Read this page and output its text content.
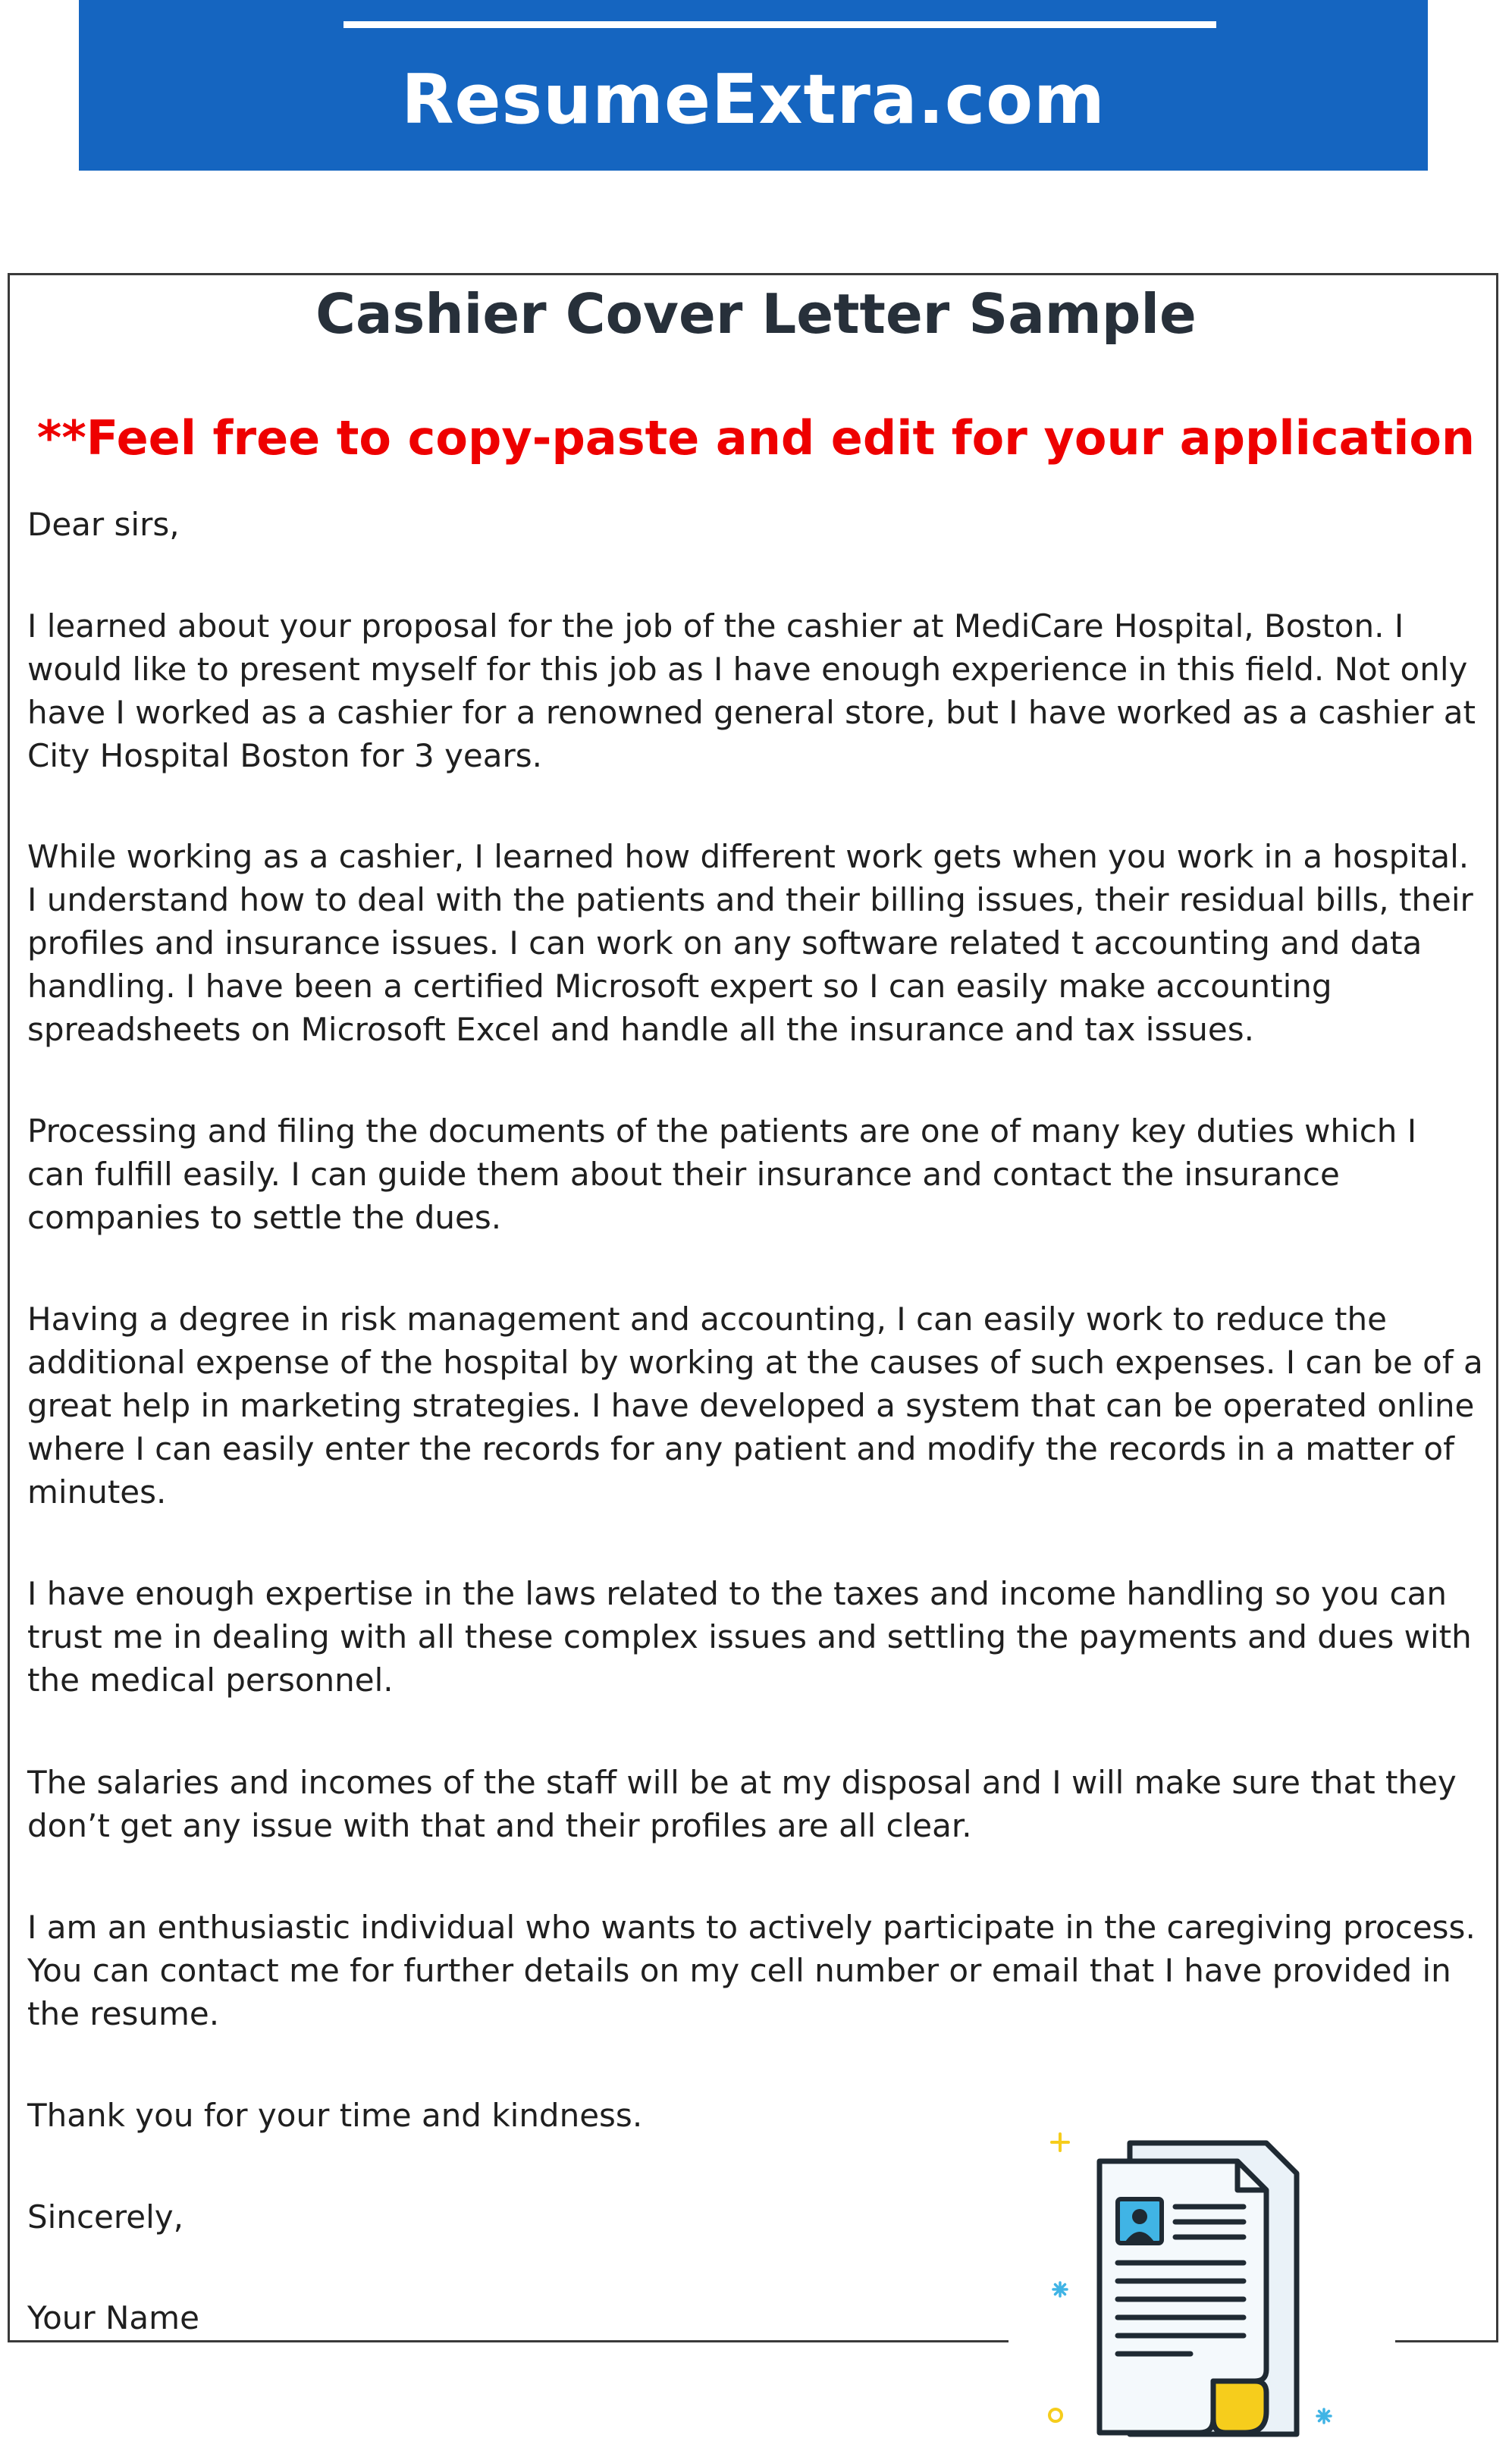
ResumeExtra.com
Cashier Cover Letter Sample
**Feel free to copy-paste and edit for your application

Dear sirs,

I learned about your proposal for the job of the cashier at MediCare Hospital, Boston. I would like to present myself for this job as I have enough experience in this field. Not only have I worked as a cashier for a renowned general store, but I have worked as a cashier at City Hospital Boston for 3 years.

While working as a cashier, I learned how different work gets when you work in a hospital. I understand how to deal with the patients and their billing issues, their residual bills, their profiles and insurance issues. I can work on any software related t accounting and data handling. I have been a certified Microsoft expert so I can easily make accounting spreadsheets on Microsoft Excel and handle all the insurance and tax issues.

Processing and filing the documents of the patients are one of many key duties which I can fulfill easily. I can guide them about their insurance and contact the insurance companies to settle the dues.

Having a degree in risk management and accounting, I can easily work to reduce the additional expense of the hospital by working at the causes of such expenses. I can be of a great help in marketing strategies. I have developed a system that can be operated online where I can easily enter the records for any patient and modify the records in a matter of minutes.

I have enough expertise in the laws related to the taxes and income handling so you can trust me in dealing with all these complex issues and settling the payments and dues with the medical personnel.

The salaries and incomes of the staff will be at my disposal and I will make sure that they don’t get any issue with that and their profiles are all clear.

I am an enthusiastic individual who wants to actively participate in the caregiving process. You can contact me for further details on my cell number or email that I have provided in the resume.

Thank you for your time and kindness.

Sincerely,

Your Name
